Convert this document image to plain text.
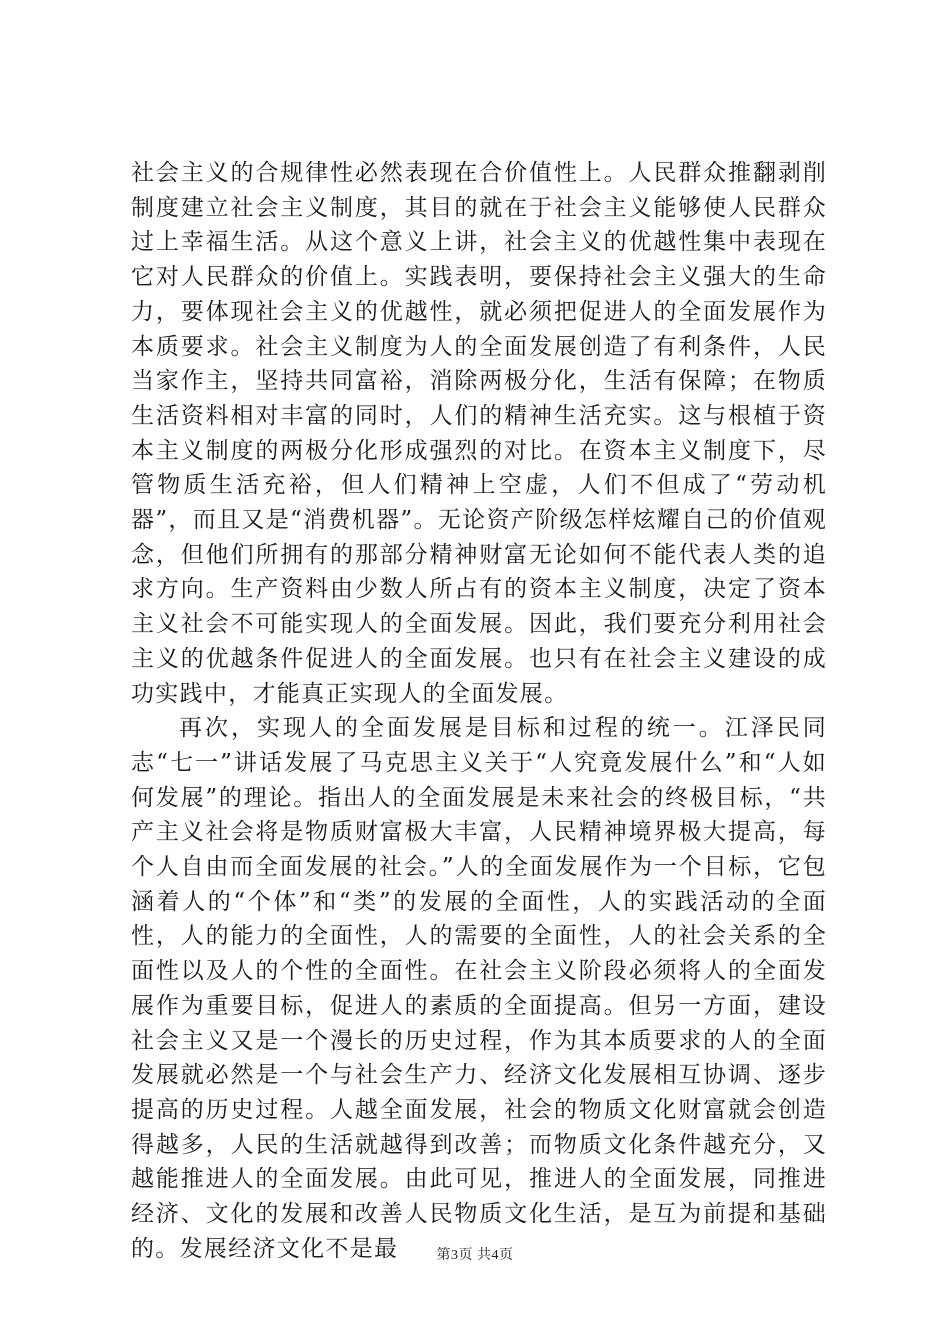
社会主义的合规律性必然表现在合价值性上。人民群众推翻剥削制度建立社会主义制度，其目的就在于社会主义能够使人民群众过上幸福生活。从这个意义上讲，社会主义的优越性集中表现在它对人民群众的价值上。实践表明，要保持社会主义强大的生命力，要体现社会主义的优越性，就必须把促进人的全面发展作为本质要求。社会主义制度为人的全面发展创造了有利条件，人民当家作主，坚持共同富裕，消除两极分化，生活有保障；在物质生活资料相对丰富的同时，人们的精神生活充实。这与根植于资本主义制度的两极分化形成强烈的对比。在资本主义制度下，尽管物质生活充裕，但人们精神上空虚，人们不但成了“劳动机器”，而且又是“消费机器”。无论资产阶级怎样炫耀自己的价值观念，但他们所拥有的那部分精神财富无论如何不能代表人类的追求方向。生产资料由少数人所占有的资本主义制度，决定了资本主义社会不可能实现人的全面发展。因此，我们要充分利用社会主义的优越条件促进人的全面发展。也只有在社会主义建设的成功实践中，才能真正实现人的全面发展。

再次，实现人的全面发展是目标和过程的统一。江泽民同志“七一”讲话发展了马克思主义关于“人究竟发展什么”和“人如何发展”的理论。指出人的全面发展是未来社会的终极目标，“共产主义社会将是物质财富极大丰富，人民精神境界极大提高，每个人自由而全面发展的社会。”人的全面发展作为一个目标，它包涵着人的“个体”和“类”的发展的全面性，人的实践活动的全面性，人的能力的全面性，人的需要的全面性，人的社会关系的全面性以及人的个性的全面性。在社会主义阶段必须将人的全面发展作为重要目标，促进人的素质的全面提高。但另一方面，建设社会主义又是一个漫长的历史过程，作为其本质要求的人的全面发展就必然是一个与社会生产力、经济文化发展相互协调、逐步提高的历史过程。人越全面发展，社会的物质文化财富就会创造得越多，人民的生活就越得到改善；而物质文化条件越充分，又越能推进人的全面发展。由此可见，推进人的全面发展，同推进经济、文化的发展和改善人民物质文化生活，是互为前提和基础的。发展经济文化不是最	第3页 共4页
